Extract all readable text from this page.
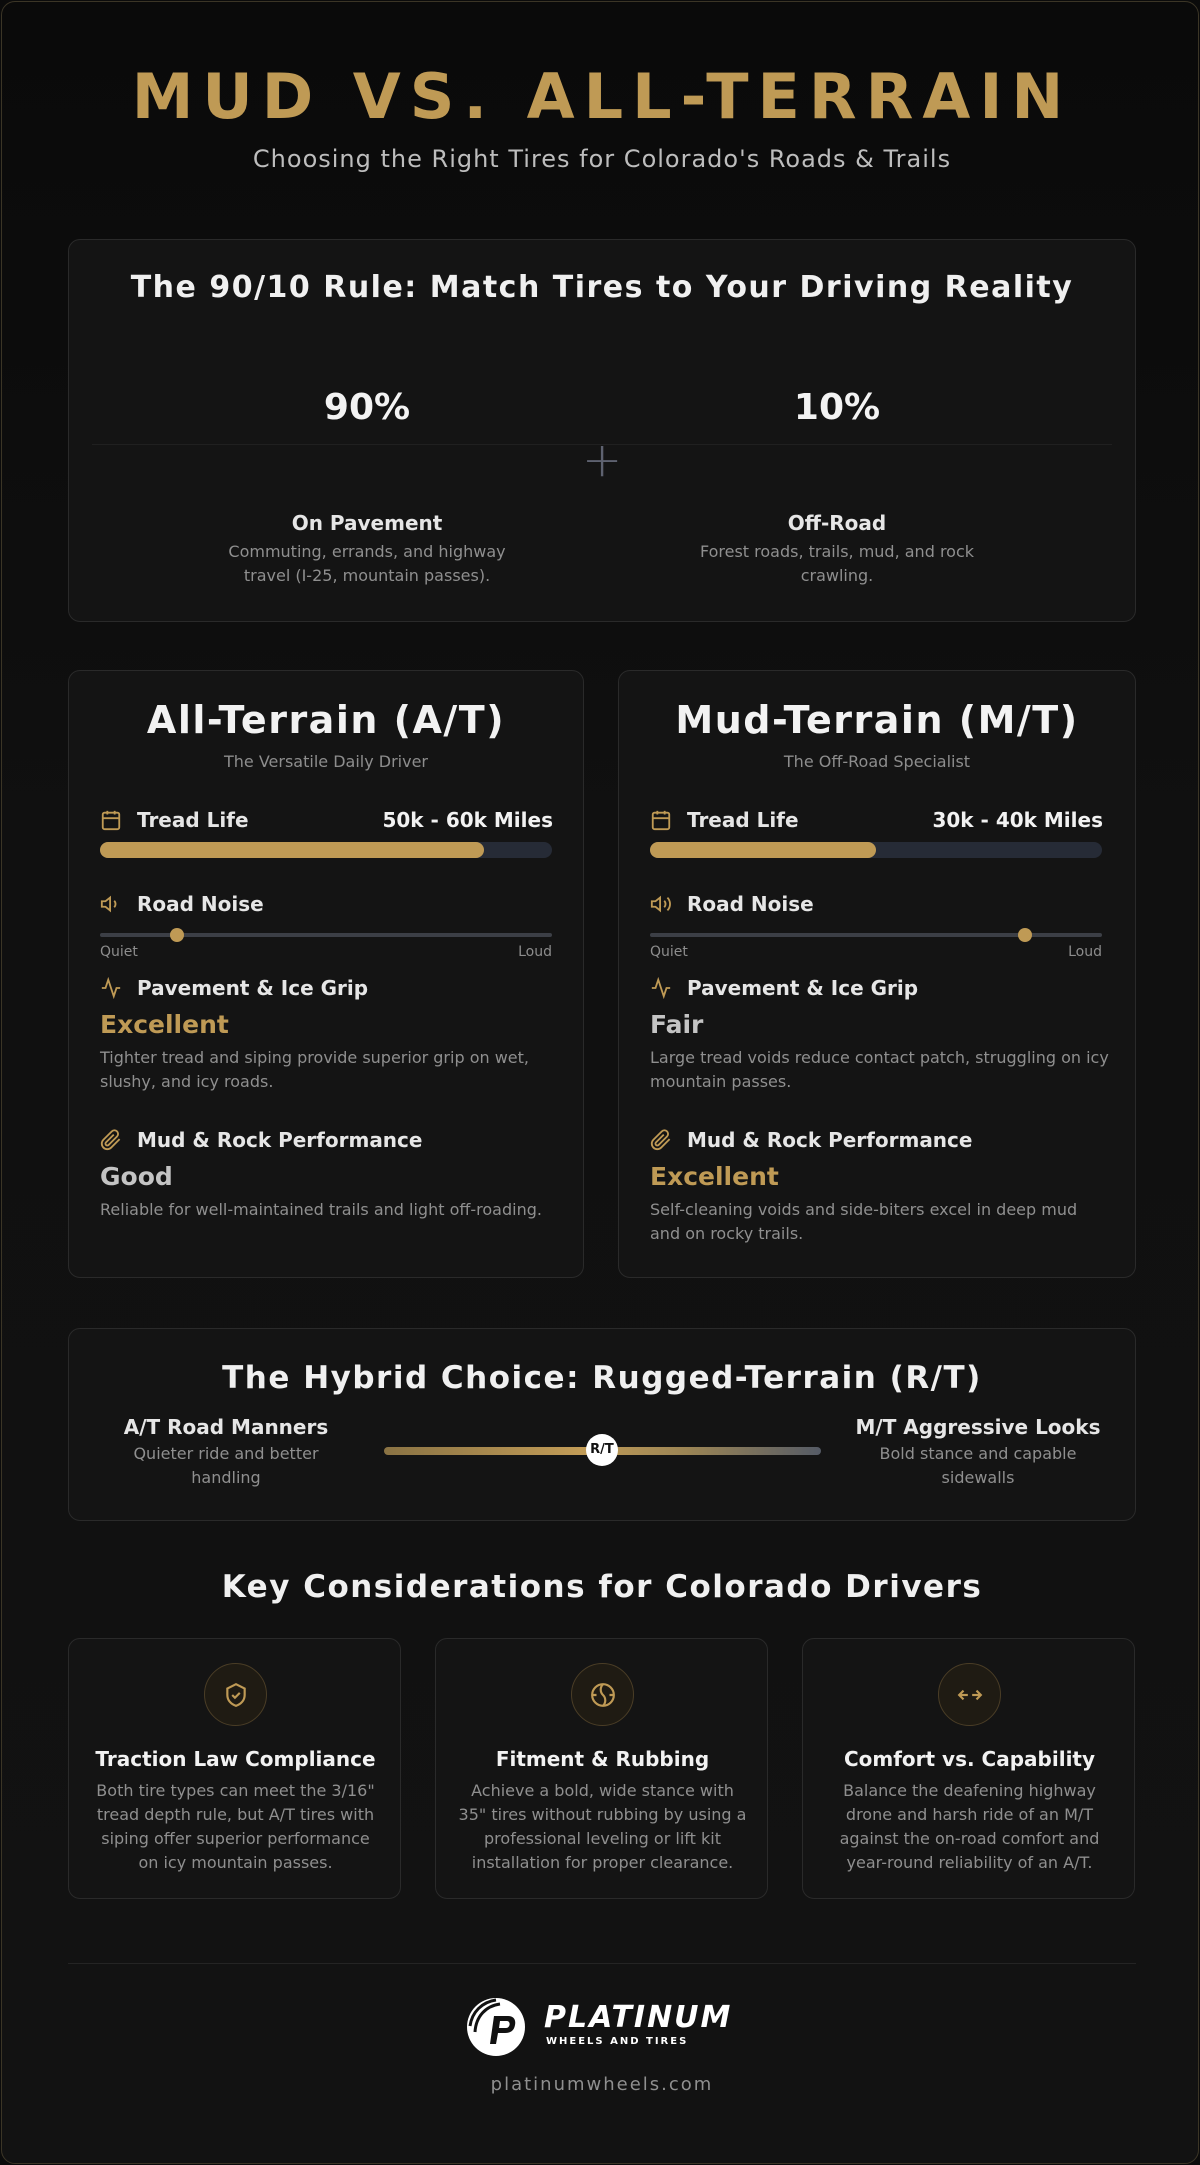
MUD VS. ALL-TERRAIN
Choosing the Right Tires for Colorado's Roads & Trails
The 90/10 Rule: Match Tires to Your Driving Reality
90%
+
10%
On Pavement
Commuting, errands, and highway travel (I-25, mountain passes).
Off-Road
Forest roads, trails, mud, and rock crawling.
All-Terrain (A/T)
The Versatile Daily Driver
Tread Life	50k - 60k Miles
Road Noise
Quiet	Loud
Pavement & Ice Grip
Excellent
Tighter tread and siping provide superior grip on wet, slushy, and icy roads.
Mud & Rock Performance
Good
Reliable for well-maintained trails and light off-roading.
Mud-Terrain (M/T)
The Off-Road Specialist
Tread Life	30k - 40k Miles
Road Noise
Quiet	Loud
Pavement & Ice Grip
Fair
Large tread voids reduce contact patch, struggling on icy mountain passes.
Mud & Rock Performance
Excellent
Self-cleaning voids and side-biters excel in deep mud and on rocky trails.
The Hybrid Choice: Rugged-Terrain (R/T)
A/T Road Manners
Quieter ride and better handling
R/T
M/T Aggressive Looks
Bold stance and capable sidewalls
Key Considerations for Colorado Drivers
Traction Law Compliance
Both tire types can meet the 3/16" tread depth rule, but A/T tires with siping offer superior performance on icy mountain passes.
Fitment & Rubbing
Achieve a bold, wide stance with 35" tires without rubbing by using a professional leveling or lift kit installation for proper clearance.
Comfort vs. Capability
Balance the deafening highway drone and harsh ride of an M/T against the on-road comfort and year-round reliability of an A/T.
PLATINUM
WHEELS AND TIRES
platinumwheels.com
